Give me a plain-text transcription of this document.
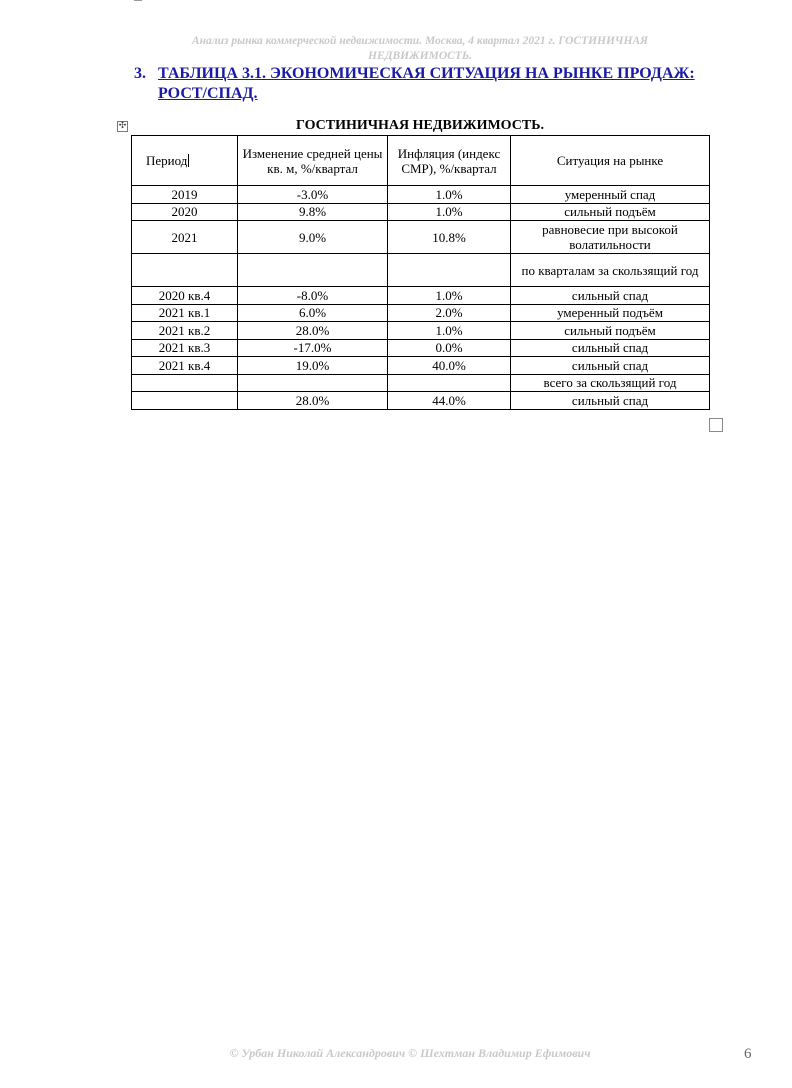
Анализ рынка коммерческой недвижимости. Москва, 4 квартал 2021 г. ГОСТИНИЧНАЯ НЕДВИЖИМОСТЬ.
3. ТАБЛИЦА 3.1. ЭКОНОМИЧЕСКАЯ СИТУАЦИЯ НА РЫНКЕ ПРОДАЖ: РОСТ/СПАД.
✣	ГОСТИНИЧНАЯ НЕДВИЖИМОСТЬ.
Период	Изменение средней цены кв. м, %/квартал	Инфляция (индекс СМР), %/квартал	Ситуация на рынке
2019	-3.0%	1.0%	умеренный спад
2020	9.8%	1.0%	сильный подъём
2021	9.0%	10.8%	равновесие при высокой волатильности
			по кварталам за скользящий год
2020 кв.4	-8.0%	1.0%	сильный спад
2021 кв.1	6.0%	2.0%	умеренный подъём
2021 кв.2	28.0%	1.0%	сильный подъём
2021 кв.3	-17.0%	0.0%	сильный спад
2021 кв.4	19.0%	40.0%	сильный спад
			всего за скользящий год
	28.0%	44.0%	сильный спад
© Урбан Николай Александрович © Шехтман Владимир Ефимович	6
